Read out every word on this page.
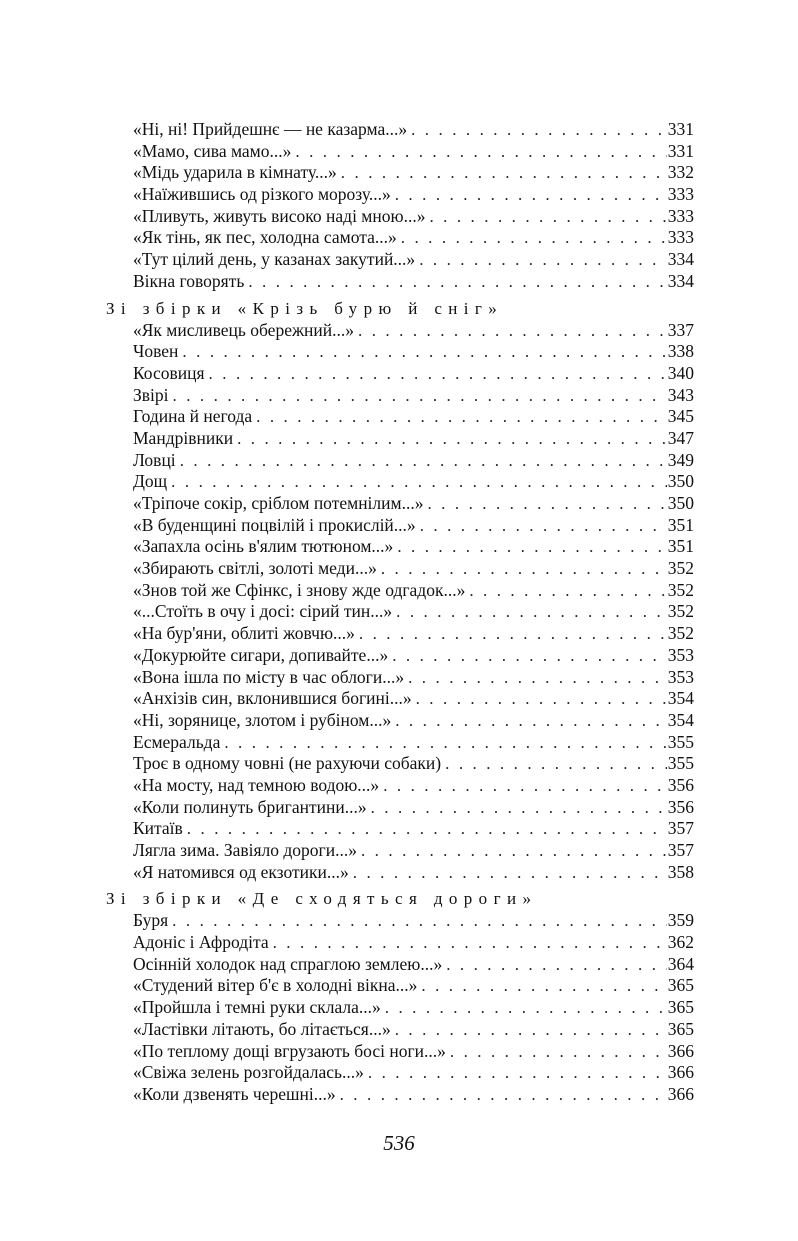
«Ні, ні! Прийдешнє — не казарма...» . . .	331
«Мамо, сива мамо...» . . .	331
«Мідь ударила в кімнату...» . . .	332
«Наїжившись од різкого морозу...» . . .	333
«Пливуть, живуть високо наді мною...» . . .	333
«Як тінь, як пес, холодна самота...» . . .	333
«Тут цілий день, у казанах закутий...» . . .	334
Вікна говорять . . .	334
Зі збірки «Крізь бурю й сніг»
«Як мисливець обережний...» . . .	337
Човен . . .	338
Косовиця . . .	340
Звірі . . .	343
Година й негода . . .	345
Мандрівники . . .	347
Ловці . . .	349
Дощ . . .	350
«Тріпоче сокір, сріблом потемнілим...» . . .	350
«В буденщині поцвілій і прокислій...» . . .	351
«Запахла осінь в'ялим тютюном...» . . .	351
«Збирають світлі, золоті меди...» . . .	352
«Знов той же Сфінкс, і знову жде одгадок...» . . .	352
«...Стоїть в очу і досі: сірий тин...» . . .	352
«На бур'яни, облиті жовчю...» . . .	352
«Докурюйте сигари, допивайте...» . . .	353
«Вона ішла по місту в час облоги...» . . .	353
«Анхізів син, вклонившися богині...» . . .	354
«Ні, зорянице, злотом і рубіном...» . . .	354
Есмеральда . . .	355
Троє в одному човні (не рахуючи собаки) . . .	355
«На мосту, над темною водою...» . . .	356
«Коли полинуть бригантини...» . . .	356
Китаїв . . .	357
Лягла зима. Завіяло дороги...» . . .	357
«Я натомився од екзотики...» . . .	358
Зі збірки «Де сходяться дороги»
Буря . . .	359
Адоніс і Афродіта . . .	362
Осінній холодок над спраглою землею...» . . .	364
«Студений вітер б'є в холодні вікна...» . . .	365
«Пройшла і темні руки склала...» . . .	365
«Ластівки літають, бо літається...» . . .	365
«По теплому дощі вгрузають босі ноги...» . . .	366
«Свіжа зелень розгойдалась...» . . .	366
«Коли дзвенять черешні...» . . .	366
536
